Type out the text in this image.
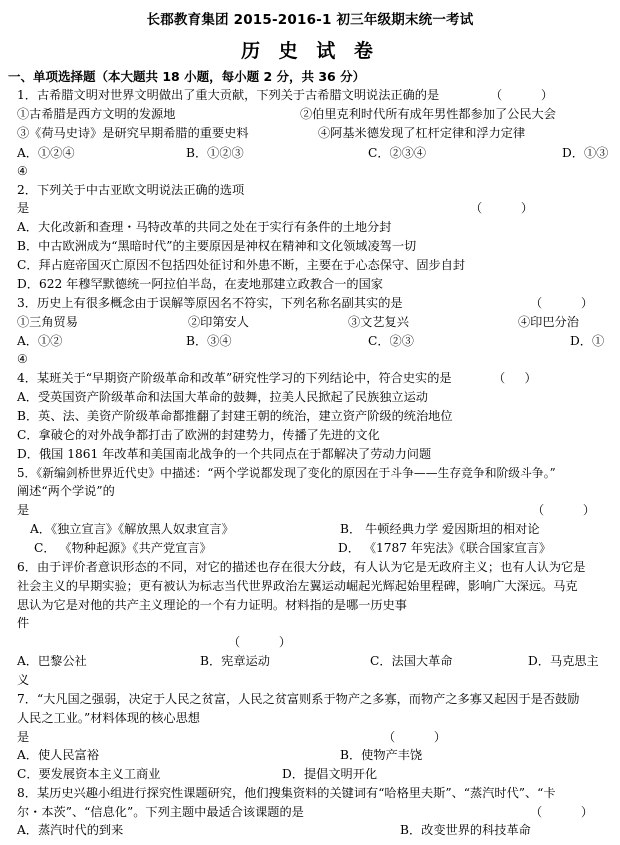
长郡教育集团 2015-2016-1 初三年级期末统一考试
历 史 试 卷
一、单项选择题（本大题共 18 小题，每小题 2 分，共 36 分）
1．古希腊文明对世界文明做出了重大贡献，下列关于古希腊文明说法正确的是	（          ）
①古希腊是西方文明的发源地	②伯里克利时代所有成年男性都参加了公民大会
③《荷马史诗》是研究早期希腊的重要史料	④阿基米德发现了杠杆定律和浮力定律
A．①②④	B．①②③	C．②③④	D．①③
④
2．下列关于中古亚欧文明说法正确的选项
是	（          ）
A．大化改新和查理・马特改革的共同之处在于实行有条件的土地分封
B．中古欧洲成为“黑暗时代”的主要原因是神权在精神和文化领域凌驾一切
C．拜占庭帝国灭亡原因不包括四处征讨和外患不断，主要在于心态保守、固步自封
D．622 年穆罕默德统一阿拉伯半岛，在麦地那建立政教合一的国家
3．历史上有很多概念由于误解等原因名不符实，下列名称名副其实的是	（          ）
①三角贸易	②印第安人	③文艺复兴	④印巴分治
A．①②	B．③④	C．②③	D．①
④
4．某班关于“早期资产阶级革命和改革”研究性学习的下列结论中，符合史实的是	（     ）
A．受英国资产阶级革命和法国大革命的鼓舞，拉美人民掀起了民族独立运动
B．英、法、美资产阶级革命都推翻了封建王朝的统治，建立资产阶级的统治地位
C．拿破仑的对外战争都打击了欧洲的封建势力，传播了先进的文化
D．俄国 1861 年改革和美国南北战争的一个共同点在于都解决了劳动力问题
5．《新编剑桥世界近代史》中描述：“两个学说都发现了变化的原因在于斗争——生存竞争和阶级斗争。”
阐述“两个学说”的
是	（          ）
A．《独立宣言》《解放黑人奴隶宣言》	B． 牛顿经典力学 爱因斯坦的相对论
C． 《物种起源》《共产党宣言》	D． 《1787 年宪法》《联合国家宣言》
6．由于评价者意识形态的不同，对它的描述也存在很大分歧，有人认为它是无政府主义；也有人认为它是
社会主义的早期实验；更有被认为标志当代世界政治左翼运动崛起光辉起始里程碑，影响广大深远。马克
思认为它是对他的共产主义理论的一个有力证明。材料指的是哪一历史事
件
（          ）
A．巴黎公社	B．宪章运动	C．法国大革命	D．马克思主
义
7．“大凡国之强弱，决定于人民之贫富，人民之贫富则系于物产之多寡，而物产之多寡又起因于是否鼓励
人民之工业。”材料体现的核心思想
是	（          ）
A．使人民富裕	B．使物产丰饶
C．要发展资本主义工商业	D．提倡文明开化
8．某历史兴趣小组进行探究性课题研究，他们搜集资料的关键词有“哈格里夫斯”、“蒸汽时代”、“卡
尔・本茨”、“信息化”。下列主题中最适合该课题的是	（          ）
A．蒸汽时代的到来	B．改变世界的科技革命
